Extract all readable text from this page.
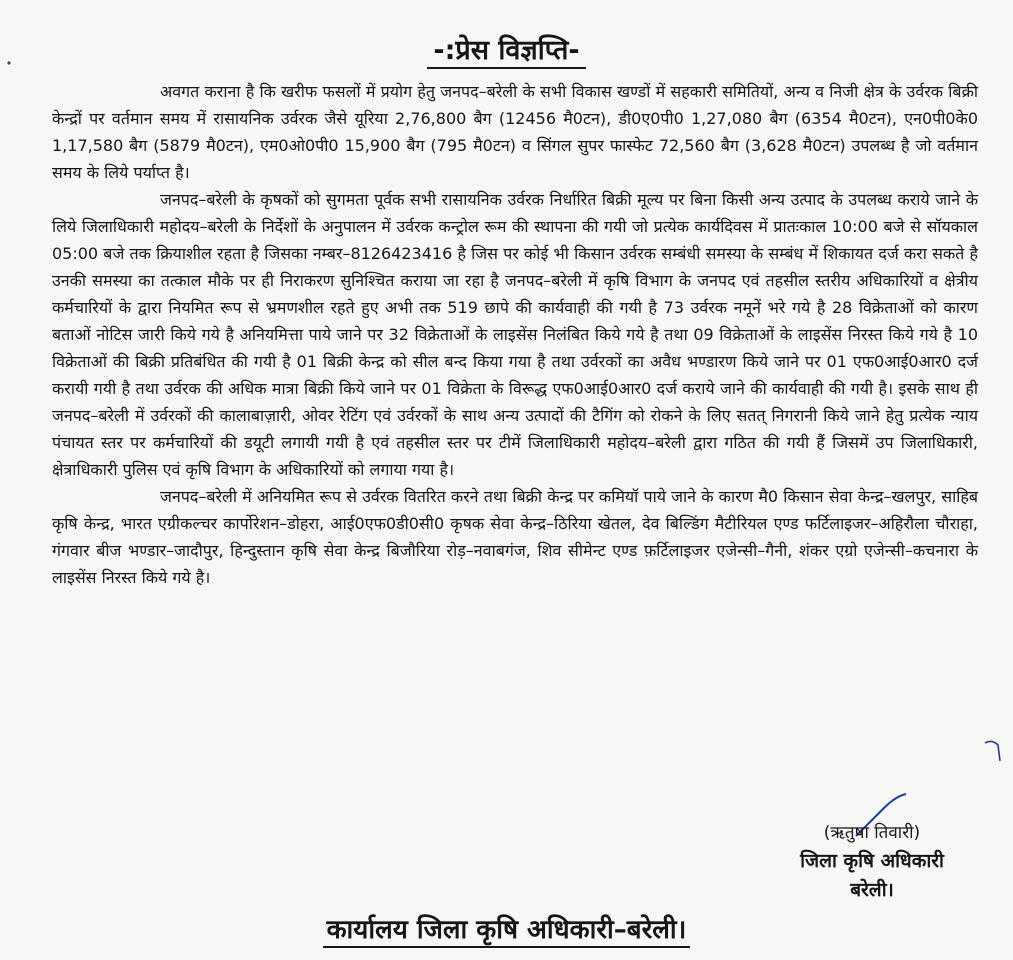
-:प्रेस विज्ञप्ति-

अवगत कराना है कि खरीफ फसलों में प्रयोग हेतु जनपद–बरेली के सभी विकास खण्डों में सहकारी समितियों, अन्य व निजी क्षेत्र के उर्वरक बिक्री केन्द्रों पर वर्तमान समय में रासायनिक उर्वरक जैसे यूरिया 2,76,800 बैग (12456 मै0टन), डी0ए0पी0 1,27,080 बैग (6354 मै0टन), एन0पी0के0 1,17,580 बैग (5879 मै0टन), एम0ओ0पी0 15,900 बैग (795 मै0टन) व सिंगल सुपर फास्फेट 72,560 बैग (3,628 मै0टन) उपलब्ध है जो वर्तमान समय के लिये पर्याप्त है।

जनपद–बरेली के कृषकों को सुगमता पूर्वक सभी रासायनिक उर्वरक निर्धारित बिक्री मूल्य पर बिना किसी अन्य उत्पाद के उपलब्ध कराये जाने के लिये जिलाधिकारी महोदय–बरेली के निर्देशों के अनुपालन में उर्वरक कन्ट्रोल रूम की स्थापना की गयी जो प्रत्येक कार्यदिवस में प्रातःकाल 10:00 बजे से सॉयकाल 05:00 बजे तक क्रियाशील रहता है जिसका नम्बर–8126423416 है जिस पर कोई भी किसान उर्वरक सम्बंधी समस्या के सम्बंध में शिकायत दर्ज करा सकते है उनकी समस्या का तत्काल मौके पर ही निराकरण सुनिश्चित कराया जा रहा है जनपद–बरेली में कृषि विभाग के जनपद एवं तहसील स्तरीय अधिकारियों व क्षेत्रीय कर्मचारियों के द्वारा नियमित रूप से भ्रमणशील रहते हुए अभी तक 519 छापे की कार्यवाही की गयी है 73 उर्वरक नमूनें भरे गये है 28 विक्रेताओं को कारण बताओं नोटिस जारी किये गये है अनियमित्ता पाये जाने पर 32 विक्रेताओं के लाइसेंस निलंबित किये गये है तथा 09 विक्रेताओं के लाइसेंस निरस्त किये गये है 10 विक्रेताओं की बिक्री प्रतिबंधित की गयी है 01 बिक्री केन्द्र को सील बन्द किया गया है तथा उर्वरकों का अवैध भण्डारण किये जाने पर 01 एफ0आई0आर0 दर्ज करायी गयी है तथा उर्वरक की अधिक मात्रा बिक्री किये जाने पर 01 विक्रेता के विरूद्ध एफ0आई0आर0 दर्ज कराये जाने की कार्यवाही की गयी है। इसके साथ ही जनपद–बरेली में उर्वरकों की कालाबाज़ारी, ओवर रेटिंग एवं उर्वरकों के साथ अन्य उत्पादों की टैगिंग को रोकने के लिए सतत् निगरानी किये जाने हेतु प्रत्येक न्याय पंचायत स्तर पर कर्मचारियों की डयूटी लगायी गयी है एवं तहसील स्तर पर टीमें जिलाधिकारी महोदय–बरेली द्वारा गठित की गयी हैं जिसमें उप जिलाधिकारी, क्षेत्राधिकारी पुलिस एवं कृषि विभाग के अधिकारियों को लगाया गया है।

जनपद–बरेली में अनियमित रूप से उर्वरक वितरित करने तथा बिक्री केन्द्र पर कमियॉ पाये जाने के कारण मै0 किसान सेवा केन्द्र–खलपुर, साहिब कृषि केन्द्र, भारत एग्रीकल्चर कार्पोरेशन–डोहरा, आई0एफ0डी0सी0 कृषक सेवा केन्द्र–ठिरिया खेतल, देव बिल्डिंग मैटीरियल एण्ड फर्टिलाइजर–अहिरौला चौराहा, गंगवार बीज भण्डार–जादौपुर, हिन्दुस्तान कृषि सेवा केन्द्र बिजौरिया रोड़–नवाबगंज, शिव सीमेन्ट एण्ड फ़र्टिलाइजर एजेन्सी–गैनी, शंकर एग्रो एजेन्सी–कचनारा के लाइसेंस निरस्त किये गये है।

(ऋतुषा तिवारी)
जिला कृषि अधिकारी
बरेली।
कार्यालय जिला कृषि अधिकारी–बरेली।
